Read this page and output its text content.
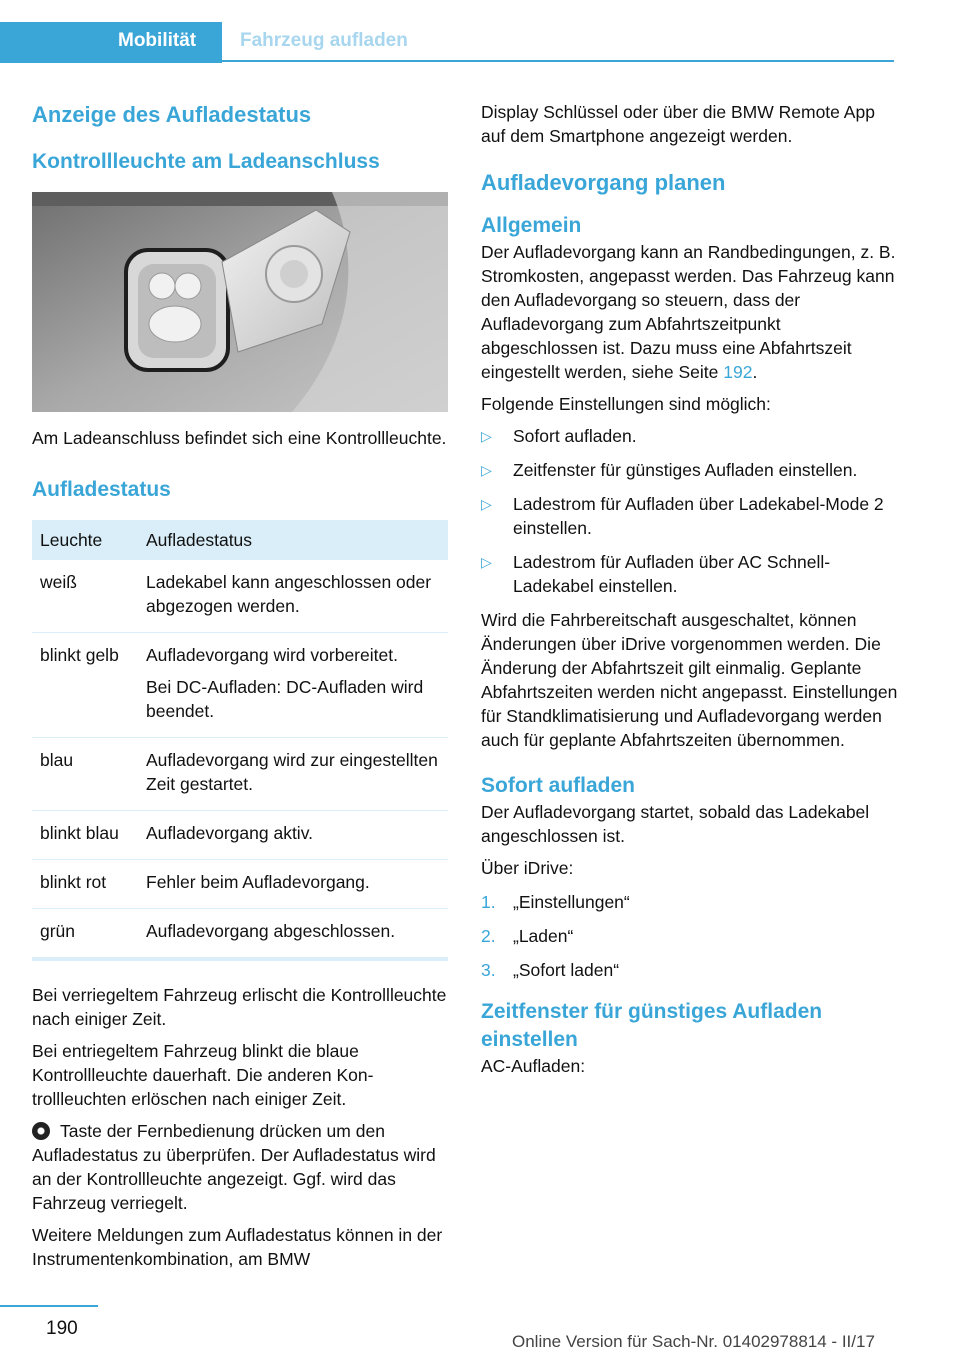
Mobilität Fahrzeug aufladen
Anzeige des Aufladestatus
Kontrollleuchte am Ladeanschluss

Am Ladeanschluss befindet sich eine Kontrollleuchte.

Aufladestatus
Leuchte	Aufladestatus
weiß	Ladekabel kann angeschlossen oder abgezogen werden.
blinkt gelb	Aufladevorgang wird vorbereitet.
Bei DC-Aufladen: DC-Aufladen wird beendet.

blau	Aufladevorgang wird zur eingestellten Zeit gestartet.
blinkt blau	Aufladevorgang aktiv.
blinkt rot	Fehler beim Aufladevorgang.
grün	Aufladevorgang abgeschlossen.

Bei verriegeltem Fahrzeug erlischt die Kontrollleuchte nach einiger Zeit.

Bei entriegeltem Fahrzeug blinkt die blaue Kontrollleuchte dauerhaft. Die anderen Kontrollleuchten erlöschen nach einiger Zeit.

Taste der Fernbedienung drücken um den Aufladestatus zu überprüfen. Der Aufladestatus wird an der Kontrollleuchte angezeigt. Ggf. wird das Fahrzeug verriegelt.

Weitere Meldungen zum Aufladestatus können in der Instrumentenkombination, am BMW

Display Schlüssel oder über die BMW Remote App auf dem Smartphone angezeigt werden.

Aufladevorgang planen
Allgemein

Der Aufladevorgang kann an Randbedingungen, z. B. Stromkosten, angepasst werden. Das Fahrzeug kann den Aufladevorgang so steuern, dass der Aufladevorgang zum Abfahrtszeitpunkt abgeschlossen ist. Dazu muss eine Abfahrtszeit eingestellt werden, siehe Seite 192.

Folgende Einstellungen sind möglich:

▷ Sofort aufladen.
▷ Zeitfenster für günstiges Aufladen einstellen.
▷ Ladestrom für Aufladen über Ladekabel-Mode 2 einstellen.
▷ Ladestrom für Aufladen über AC Schnell-Ladekabel einstellen.

Wird die Fahrbereitschaft ausgeschaltet, können Änderungen über iDrive vorgenommen werden. Die Änderung der Abfahrtszeit gilt einmalig. Geplante Abfahrtszeiten werden nicht angepasst. Einstellungen für Standklimatisierung und Aufladevorgang werden auch für geplante Abfahrtszeiten übernommen.

Sofort aufladen

Der Aufladevorgang startet, sobald das Ladekabel angeschlossen ist.

Über iDrive:

1. „Einstellungen“
2. „Laden“
3. „Sofort laden“
Zeitfenster für günstiges Aufladen einstellen

AC-Aufladen:

190
Online Version für Sach-Nr. 01402978814 - II/17
